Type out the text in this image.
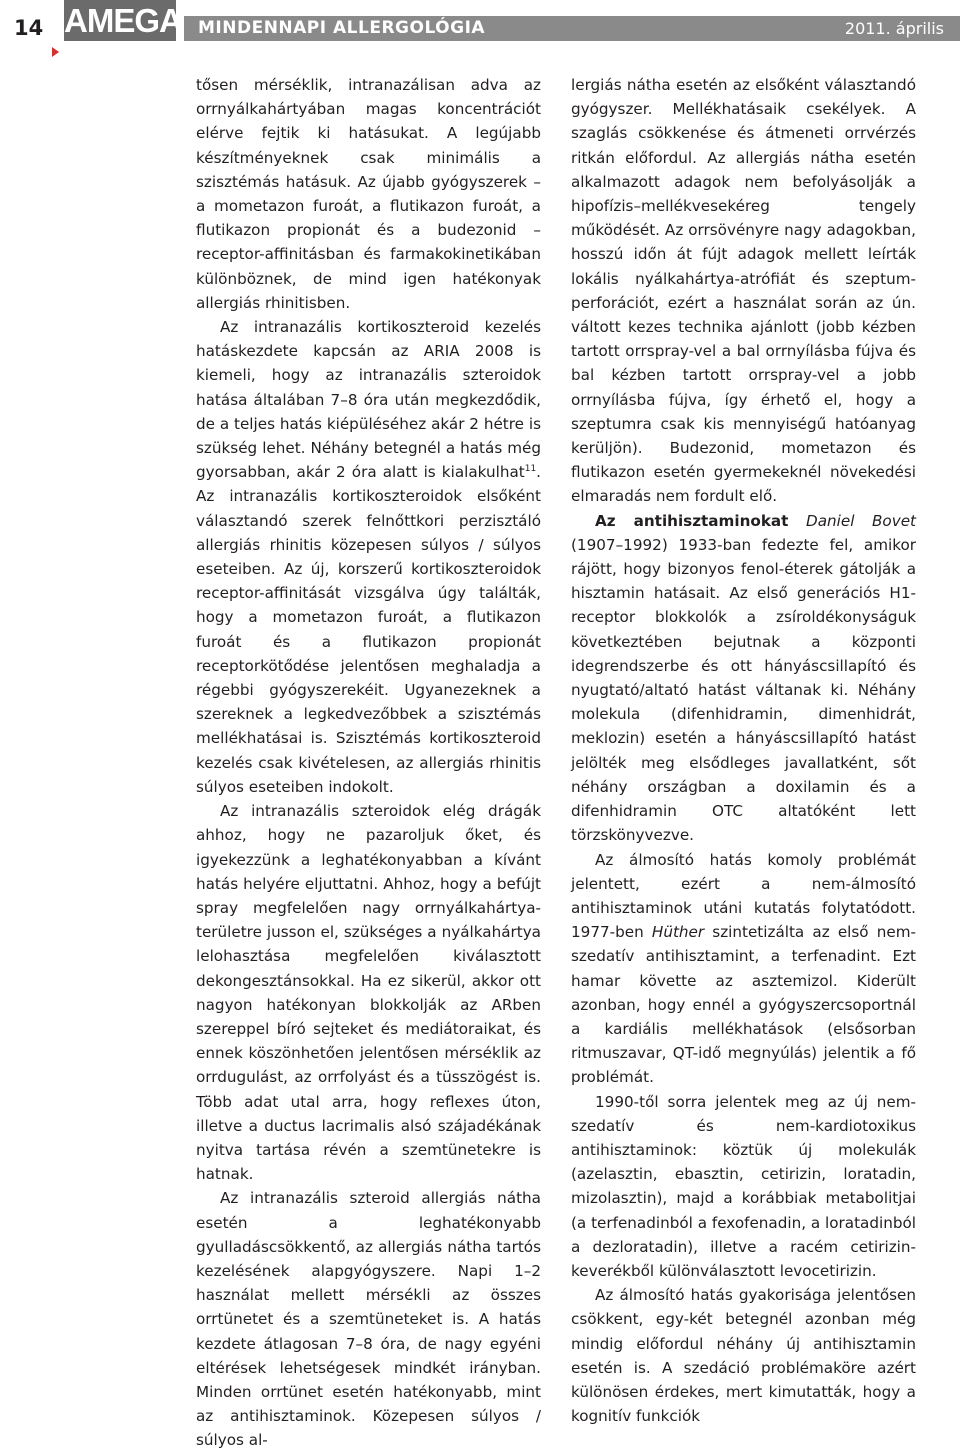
14 AMEGA MINDENNAPI ALLERGOLÓGIA	2011. április

tősen mérséklik, intranazálisan adva az orrnyálkahártyában magas koncentrációt elérve fejtik ki hatásukat. A legújabb készítményeknek csak minimális a szisztémás hatásuk. Az újabb gyógyszerek – a mometazon furoát, a flutikazon furoát, a flutikazon propionát és a budezonid – receptor-affinitásban és farmakokinetikában különböznek, de mind igen hatékonyak allergiás rhinitisben.

Az intranazális kortikoszteroid kezelés hatáskezdete kapcsán az ARIA 2008 is kiemeli, hogy az intranazális szteroidok hatása általában 7–8 óra után megkezdődik, de a teljes hatás kiépüléséhez akár 2 hétre is szükség lehet. Néhány betegnél a hatás még gyorsabban, akár 2 óra alatt is kialakulhat$^{11}$. Az intranazális kortikoszteroidok elsőként választandó szerek felnőttkori perzisztáló allergiás rhinitis közepesen súlyos / súlyos eseteiben. Az új, korszerű kortikoszteroidok receptor-affinitását vizsgálva úgy találták, hogy a mometazon furoát, a flutikazon furoát és a flutikazon propionát receptorkötődése jelentősen meghaladja a régebbi gyógyszerekéit. Ugyanezeknek a szereknek a legkedvezőbbek a szisztémás mellékhatásai is. Szisztémás kortikoszteroid kezelés csak kivételesen, az allergiás rhinitis súlyos eseteiben indokolt.

Az intranazális szteroidok elég drágák ahhoz, hogy ne pazaroljuk őket, és igyekezzünk a leghatékonyabban a kívánt hatás helyére eljuttatni. Ahhoz, hogy a befújt spray megfelelően nagy orrnyálkahártya-területre jusson el, szükséges a nyálkahártya lelohasztása megfelelően kiválasztott dekongesztánsokkal. Ha ez sikerül, akkor ott nagyon hatékonyan blokkolják az ARben szereppel bíró sejteket és mediátoraikat, és ennek köszönhetően jelentősen mérséklik az orrdugulást, az orrfolyást és a tüsszögést is. Több adat utal arra, hogy reflexes úton, illetve a ductus lacrimalis alsó szájadékának nyitva tartása révén a szemtünetekre is hatnak.

Az intranazális szteroid allergiás nátha esetén a leghatékonyabb gyulladáscsökkentő, az allergiás nátha tartós kezelésének alapgyógyszere. Napi 1–2 használat mellett mérsékli az összes orrtünetet és a szemtüneteket is. A hatás kezdete átlagosan 7–8 óra, de nagy egyéni eltérések lehetségesek mindkét irányban. Minden orrtünet esetén hatékonyabb, mint az antihisztaminok. Közepesen súlyos / súlyos al-

lergiás nátha esetén az elsőként választandó gyógyszer. Mellékhatásaik csekélyek. A szaglás csökkenése és átmeneti orrvérzés ritkán előfordul. Az allergiás nátha esetén alkalmazott adagok nem befolyásolják a hipofízis–mellékvesekéreg tengely működését. Az orrsövényre nagy adagokban, hosszú időn át fújt adagok mellett leírták lokális nyálkahártya-atrófiát és szeptum-perforációt, ezért a használat során az ún. váltott kezes technika ajánlott (jobb kézben tartott orrspray-vel a bal orrnyílásba fújva és bal kézben tartott orrspray-vel a jobb orrnyílásba fújva, így érhető el, hogy a szeptumra csak kis mennyiségű hatóanyag kerüljön). Budezonid, mometazon és flutikazon esetén gyermekeknél növekedési elmaradás nem fordult elő.

Az antihisztaminokat Daniel Bovet (1907–1992) 1933-ban fedezte fel, amikor rájött, hogy bizonyos fenol-éterek gátolják a hisztamin hatásait. Az első generációs H1-receptor blokkolók a zsíroldékonyságuk következtében bejutnak a központi idegrendszerbe és ott hányáscsillapító és nyugtató/altató hatást váltanak ki. Néhány molekula (difenhidramin, dimenhidrát, meklozin) esetén a hányáscsillapító hatást jelölték meg elsődleges javallatként, sőt néhány országban a doxilamin és a difenhidramin OTC altatóként lett törzskönyvezve.

Az álmosító hatás komoly problémát jelentett, ezért a nem-álmosító antihisztaminok utáni kutatás folytatódott. 1977-ben Hüther szintetizálta az első nem-szedatív antihisztamint, a terfenadint. Ezt hamar követte az asztemizol. Kiderült azonban, hogy ennél a gyógyszercsoportnál a kardiális mellékhatások (elsősorban ritmuszavar, QT-idő megnyúlás) jelentik a fő problémát.

1990-től sorra jelentek meg az új nem-szedatív és nem-kardiotoxikus antihisztaminok: köztük új molekulák (azelasztin, ebasztin, cetirizin, loratadin, mizolasztin), majd a korábbiak metabolitjai (a terfenadinból a fexofenadin, a loratadinból a dezloratadin), illetve a racém cetirizin-keverékből különválasztott levocetirizin.

Az álmosító hatás gyakorisága jelentősen csökkent, egy-két betegnél azonban még mindig előfordul néhány új antihisztamin esetén is. A szedáció problémaköre azért különösen érdekes, mert kimutatták, hogy a kognitív funkciók
